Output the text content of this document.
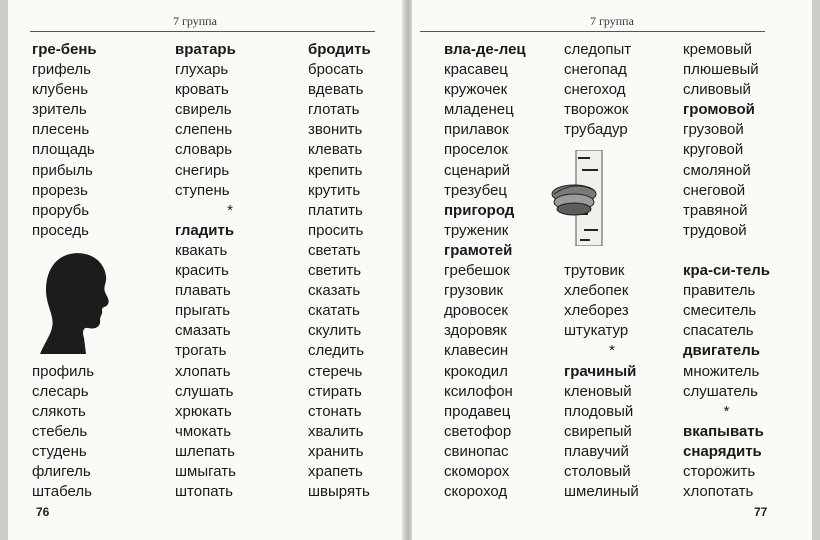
7 группа
гре-бень
грифель
клубень
зритель
плесень
площадь
прибыль
прорезь
прорубь
проседь
профиль
слесарь
слякоть
стебель
студень
флигель
штабель
вратарь
глухарь
кровать
свирель
слепень
словарь
снегирь
ступень
*
гладить
квакать
красить
плавать
прыгать
смазать
трогать
хлопать
слушать
хрюкать
чмокать
шлепать
шмыгать
штопать
бродить
бросать
вдевать
глотать
звонить
клевать
крепить
крутить
платить
просить
светать
светить
сказать
скатать
скулить
следить
стеречь
стирать
стонать
хвалить
хранить
храпеть
швырять
76
7 группа
вла-де-лец
красавец
кружочек
младенец
прилавок
проселок
сценарий
трезубец
пригород
труженик
грамотей
гребешок
грузовик
дровосек
здоровяк
клавесин
крокодил
ксилофон
продавец
светофор
свинопас
скоморох
скороход
следопыт
снегопад
снегоход
творожок
трубадур
трутовик
хлебопек
хлеборез
штукатур
*
грачиный
кленовый
плодовый
свирепый
плавучий
столовый
шмелиный
кремовый
плюшевый
сливовый
громовой
грузовой
круговой
смоляной
снеговой
травяной
трудовой
кра-си-тель
правитель
смеситель
спасатель
двигатель
множитель
слушатель
*
вкапывать
снарядить
сторожить
хлопотать
77
